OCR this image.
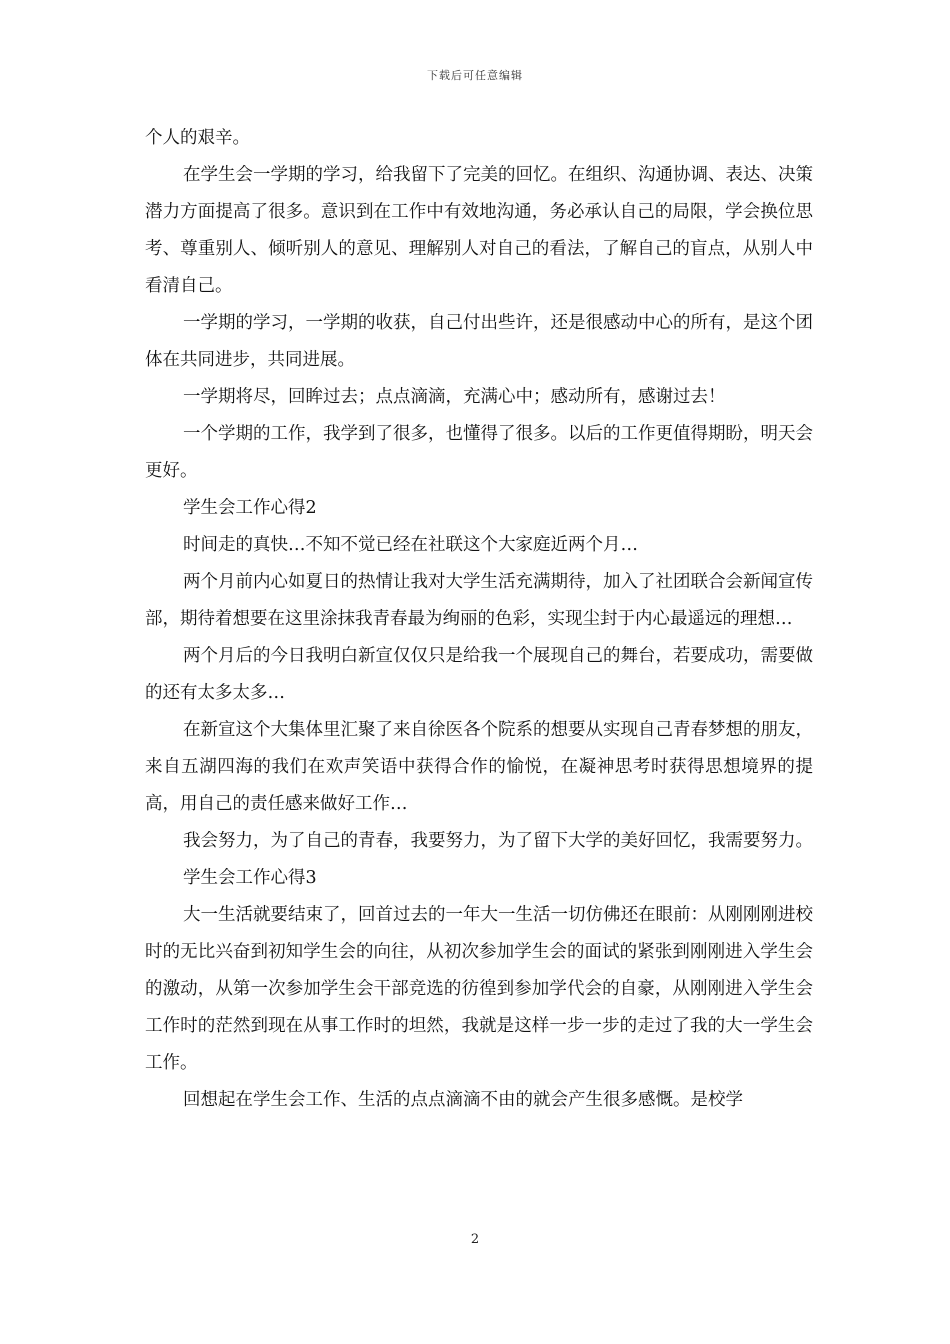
下载后可任意编辑

个人的艰辛。

在学生会一学期的学习，给我留下了完美的回忆。在组织、沟通协调、表达、决策潜力方面提高了很多。意识到在工作中有效地沟通，务必承认自己的局限，学会换位思考、尊重别人、倾听别人的意见、理解别人对自己的看法，了解自己的盲点，从别人中看清自己。

一学期的学习，一学期的收获，自己付出些许，还是很感动中心的所有，是这个团体在共同进步，共同进展。

一学期将尽，回眸过去；点点滴滴，充满心中；感动所有，感谢过去！

一个学期的工作，我学到了很多，也懂得了很多。以后的工作更值得期盼，明天会更好。

学生会工作心得2

时间走的真快…不知不觉已经在社联这个大家庭近两个月…

两个月前内心如夏日的热情让我对大学生活充满期待，加入了社团联合会新闻宣传部，期待着想要在这里涂抹我青春最为绚丽的色彩，实现尘封于内心最遥远的理想…

两个月后的今日我明白新宣仅仅只是给我一个展现自己的舞台，若要成功，需要做的还有太多太多…

在新宣这个大集体里汇聚了来自徐医各个院系的想要从实现自己青春梦想的朋友，来自五湖四海的我们在欢声笑语中获得合作的愉悦，在凝神思考时获得思想境界的提高，用自己的责任感来做好工作…

我会努力，为了自己的青春，我要努力，为了留下大学的美好回忆，我需要努力。

学生会工作心得3

大一生活就要结束了，回首过去的一年大一生活一切仿佛还在眼前：从刚刚刚进校时的无比兴奋到初知学生会的向往，从初次参加学生会的面试的紧张到刚刚进入学生会的激动，从第一次参加学生会干部竞选的彷徨到参加学代会的自豪，从刚刚进入学生会工作时的茫然到现在从事工作时的坦然，我就是这样一步一步的走过了我的大一学生会工作。

回想起在学生会工作、生活的点点滴滴不由的就会产生很多感慨。是校学

2
